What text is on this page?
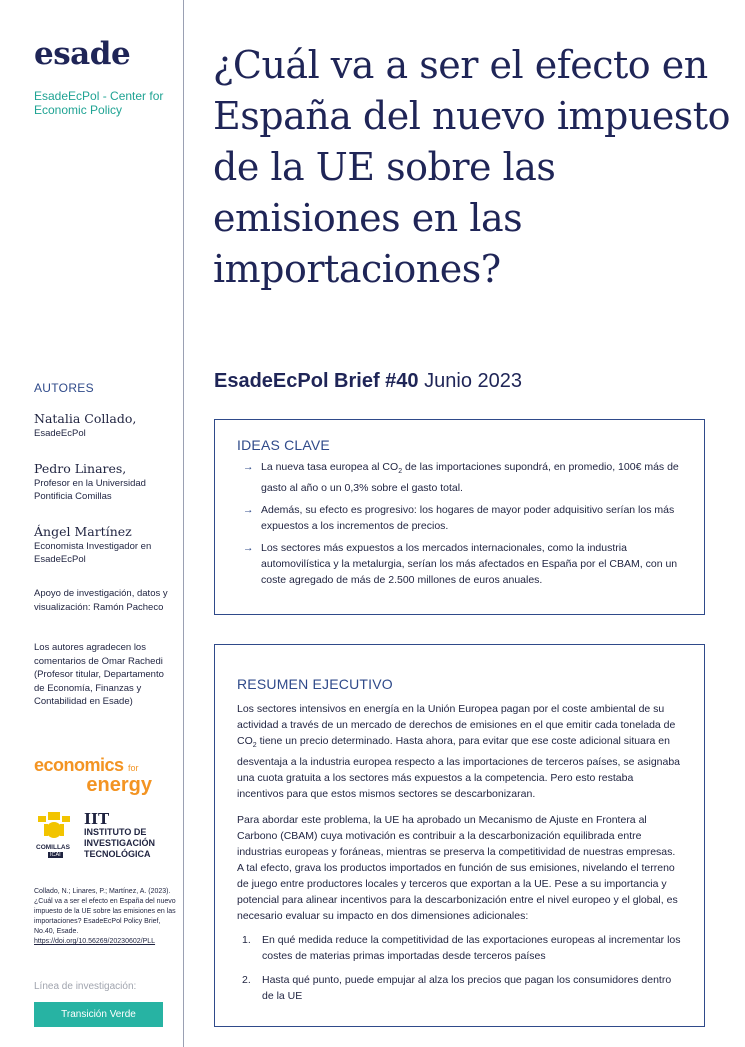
esade
EsadeEcPol - Center for Economic Policy
AUTORES
Natalia Collado,
EsadeEcPol
Pedro Linares,
Profesor en la Universidad Pontificia Comillas
Ángel Martínez
Economista Investigador en EsadeEcPol
Apoyo de investigación, datos y visualización: Ramón Pacheco
Los autores agradecen los comentarios de Omar Rachedi (Profesor titular, Departamento de Economía, Finanzas y Contabilidad en Esade)
economics for
energy
COMILLAS
ICAI
IIT
INSTITUTO DE
INVESTIGACIÓN
TECNOLÓGICA
Collado, N.; Linares, P.; Martínez, A. (2023). ¿Cuál va a ser el efecto en España del nuevo impuesto de la UE sobre las emisiones en las importaciones? EsadeEcPol Policy Brief, No.40, Esade. https://doi.org/10.56269/20230602/PLL
Línea de investigación:
Transición Verde
¿Cuál va a ser el efecto en España del nuevo impuesto de la UE sobre las emisiones en las importaciones?
EsadeEcPol Brief #40 Junio 2023
IDEAS CLAVE
→ La nueva tasa europea al $CO_2$ de las importaciones supondrá, en promedio, 100€ más de gasto al año o un 0,3% sobre el gasto total.
→ Además, su efecto es progresivo: los hogares de mayor poder adquisitivo serían los más expuestos a los incrementos de precios.
→ Los sectores más expuestos a los mercados internacionales, como la industria automovilística y la metalurgia, serían los más afectados en España por el CBAM, con un coste agregado de más de 2.500 millones de euros anuales.
RESUMEN EJECUTIVO

Los sectores intensivos en energía en la Unión Europea pagan por el coste ambiental de su actividad a través de un mercado de derechos de emisiones en el que emitir cada tonelada de $CO_2$ tiene un precio determinado. Hasta ahora, para evitar que ese coste adicional situara en desventaja a la industria europea respecto a las importaciones de terceros países, se asignaba una cuota gratuita a los sectores más expuestos a la competencia. Pero esto restaba incentivos para que estos mismos sectores se descarbonizaran.

Para abordar este problema, la UE ha aprobado un Mecanismo de Ajuste en Frontera al Carbono (CBAM) cuya motivación es contribuir a la descarbonización equilibrada entre industrias europeas y foráneas, mientras se preserva la competitividad de nuestras empresas. A tal efecto, grava los productos importados en función de sus emisiones, nivelando el terreno de juego entre productores locales y terceros que exportan a la UE. Pese a su importancia y potencial para alinear incentivos para la descarbonización entre el nivel europeo y el global, es necesario evaluar su impacto en dos dimensiones adicionales:

1. En qué medida reduce la competitividad de las exportaciones europeas al incrementar los costes de materias primas importadas desde terceros países
2. Hasta qué punto, puede empujar al alza los precios que pagan los consumidores dentro de la UE
